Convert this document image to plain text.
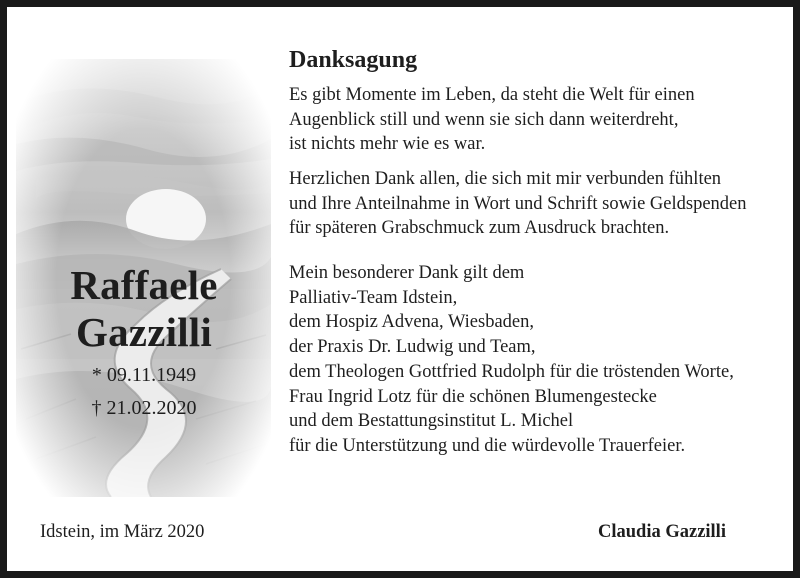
Raffaele
Gazzilli
* 09.11.1949
† 21.02.2020
Danksagung
Es gibt Momente im Leben, da steht die Welt für einen
Augenblick still und wenn sie sich dann weiterdreht,
ist nichts mehr wie es war.
Herzlichen Dank allen, die sich mit mir verbunden fühlten
und Ihre Anteilnahme in Wort und Schrift sowie Geldspenden
für späteren Grabschmuck zum Ausdruck brachten.
Mein besonderer Dank gilt dem
Palliativ-Team Idstein,
dem Hospiz Advena, Wiesbaden,
der Praxis Dr. Ludwig und Team,
dem Theologen Gottfried Rudolph für die tröstenden Worte,
Frau Ingrid Lotz für die schönen Blumengestecke
und dem Bestattungsinstitut L. Michel
für die Unterstützung und die würdevolle Trauerfeier.
Idstein, im März 2020	Claudia Gazzilli
